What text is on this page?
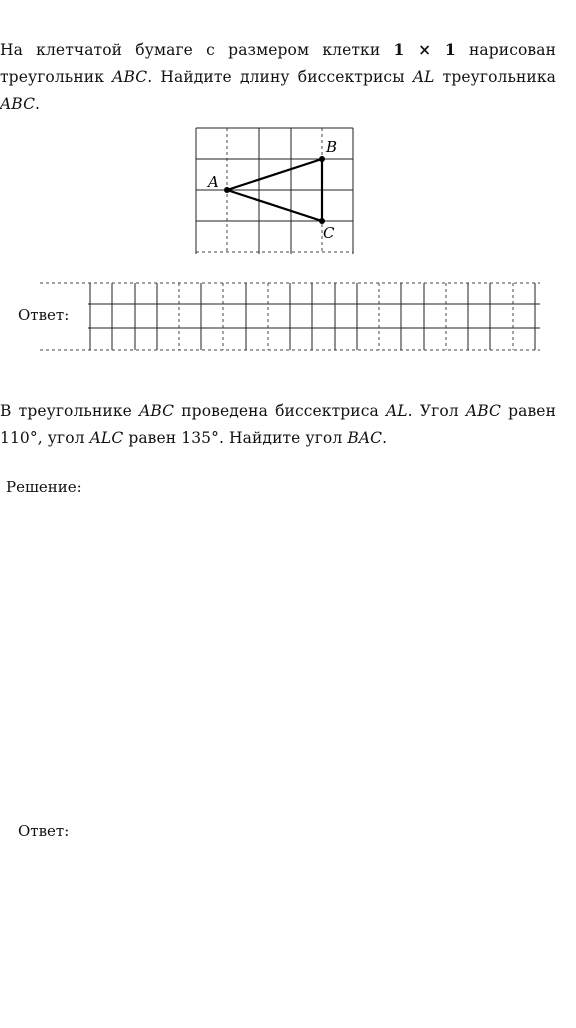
На клетчатой бумаге с размером клетки 1 × 1 нарисован треугольник ABC. Найдите длину биссектрисы AL треугольника ABC.
A
B
C
Ответ:
В треугольнике ABC проведена биссектриса AL. Угол ABC равен 110°, угол ALC равен 135°. Найдите угол BAC.
Решение:
Ответ:
